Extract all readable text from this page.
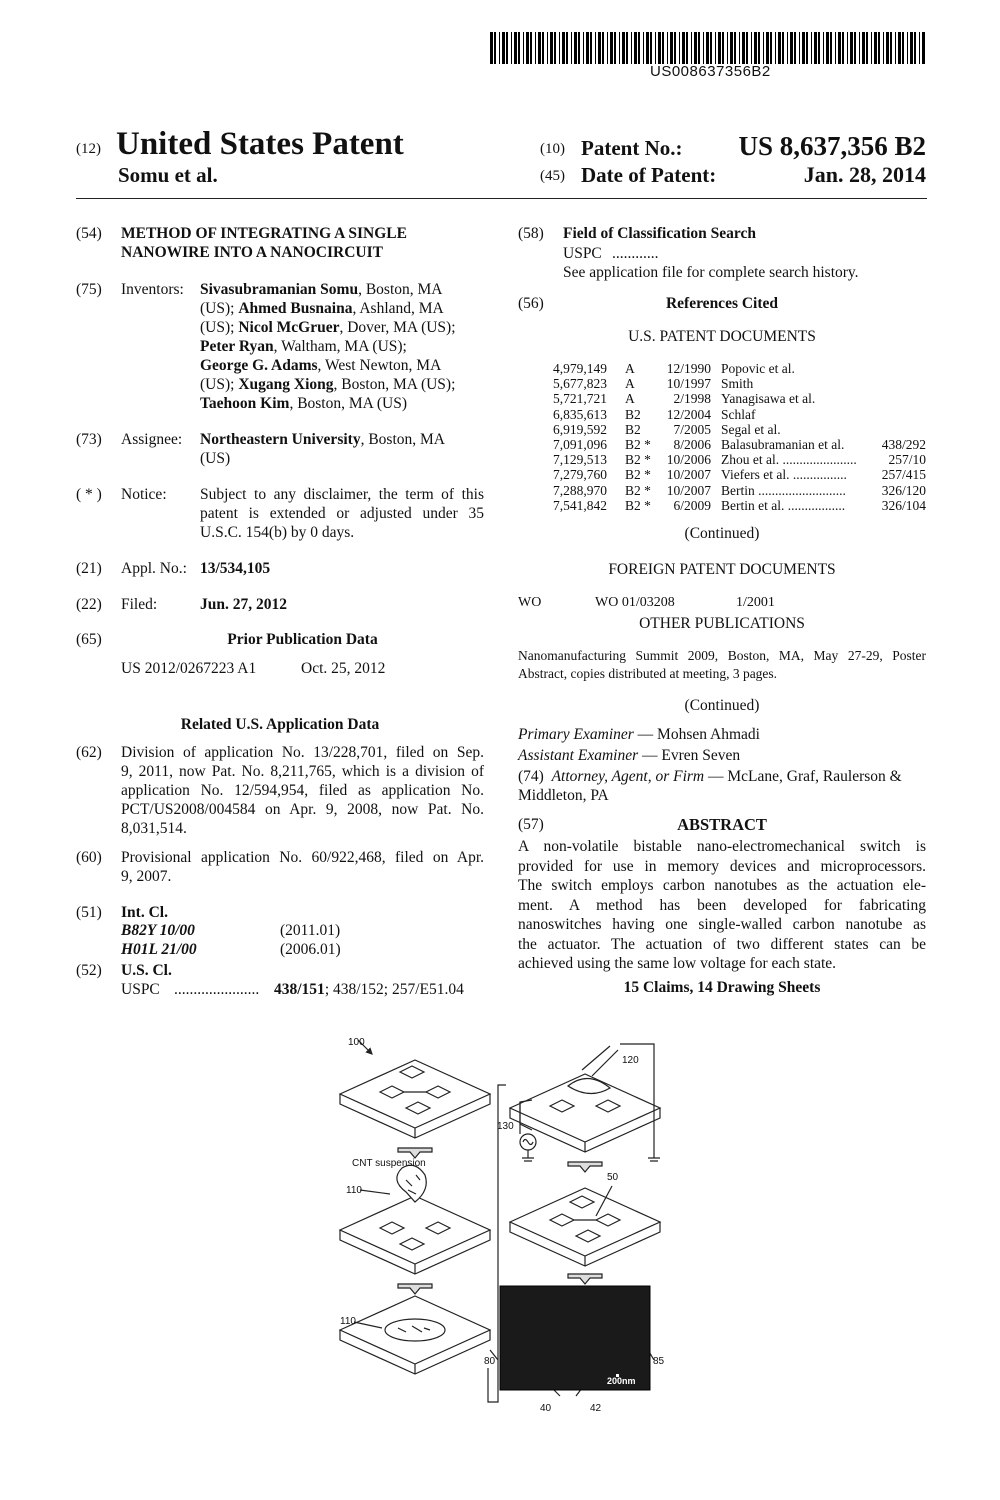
US008637356B2
(12) United States Patent
Somu et al.
(10) Patent No.: US 8,637,356 B2
(45) Date of Patent:	Jan. 28, 2014
(54) METHOD OF INTEGRATING A SINGLE
NANOWIRE INTO A NANOCIRCUIT
(75) Inventors: Sivasubramanian Somu, Boston, MA
(US); Ahmed Busnaina, Ashland, MA
(US); Nicol McGruer, Dover, MA (US);
Peter Ryan, Waltham, MA (US);
George G. Adams, West Newton, MA
(US); Xugang Xiong, Boston, MA (US);
Taehoon Kim, Boston, MA (US)
(73) Assignee: Northeastern University, Boston, MA
(US)
( * ) Notice: Subject to any disclaimer, the term of this
patent is extended or adjusted under 35
U.S.C. 154(b) by 0 days.
(21) Appl. No.: 13/534,105
(22) Filed:	Jun. 27, 2012
(65)	Prior Publication Data
US 2012/0267223 A1	Oct. 25, 2012
Related U.S. Application Data
(62) Division of application No. 13/228,701, filed on Sep.
9, 2011, now Pat. No. 8,211,765, which is a division of
application No. 12/594,954, filed as application No.
PCT/US2008/004584 on Apr. 9, 2008, now Pat. No.
8,031,514.
(60) Provisional application No. 60/922,468, filed on Apr.
9, 2007.
(51) Int. Cl.
B82Y 10/00	(2011.01)
H01L 21/00	(2006.01)
(52) U.S. Cl.
USPC ...................... 438/151; 438/152; 257/E51.04
(58) Field of Classification Search
USPC ............
See application file for complete search history.
(56)	References Cited
U.S. PATENT DOCUMENTS
4,979,149 A	12/1990 Popovic et al.
5,677,823 A	10/1997 Smith
5,721,721 A	2/1998 Yanagisawa et al.
6,835,613 B2	12/2004 Schlaf
6,919,592 B2	7/2005 Segal et al.
7,091,096 B2 *	8/2006 Balasubramanian et al.	438/292
7,129,513 B2 *	10/2006 Zhou et al. ......................	257/10
7,279,760 B2 *	10/2007 Viefers et al. ................	257/415
7,288,970 B2 *	10/2007 Bertin ..........................	326/120
7,541,842 B2 *	6/2009 Bertin et al. .................	326/104
(Continued)
FOREIGN PATENT DOCUMENTS
WO	WO 01/03208	1/2001
OTHER PUBLICATIONS
Nanomanufacturing Summit 2009, Boston, MA, May 27-29, Poster
Abstract, copies distributed at meeting, 3 pages.
(Continued)
Primary Examiner — Mohsen Ahmadi
Assistant Examiner — Evren Seven
(74) Attorney, Agent, or Firm — McLane, Graf, Raulerson &
Middleton, PA
(57)	ABSTRACT
A non-volatile bistable nano-electromechanical switch is
provided for use in memory devices and microprocessors.
The switch employs carbon nanotubes as the actuation ele-
ment. A method has been developed for fabricating
nanoswitches having one single-walled carbon nanotube as
the actuator. The actuation of two different states can be
achieved using the same low voltage for each state.
15 Claims, 14 Drawing Sheets
100
CNT suspension
110
110
120
130
50
80	85
40	42
200nm
